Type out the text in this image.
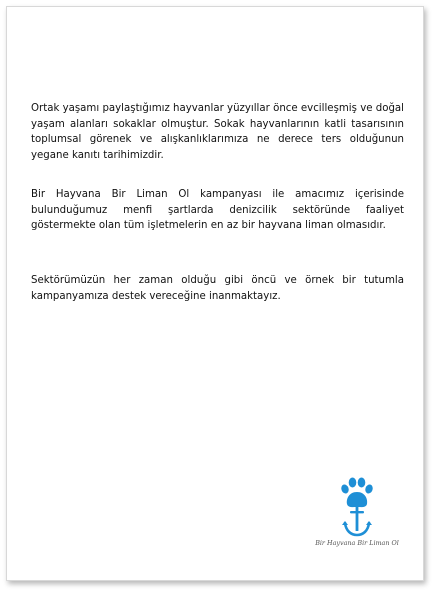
Ortak yaşamı paylaştığımız hayvanlar yüzyıllar önce evcilleşmiş ve doğal yaşam alanları sokaklar olmuştur. Sokak hayvanlarının katli tasarısının toplumsal görenek ve alışkanlıklarımıza ne derece ters olduğunun yegane kanıtı tarihimizdir.

Bir Hayvana Bir Liman Ol kampanyası ile amacımız içerisinde bulunduğumuz menfi şartlarda denizcilik sektöründe faaliyet göstermekte olan tüm işletmelerin en az bir hayvana liman olmasıdır.

Sektörümüzün her zaman olduğu gibi öncü ve örnek bir tutumla kampanyamıza destek vereceğine inanmaktayız.

Bir Hayvana Bir Liman Ol
